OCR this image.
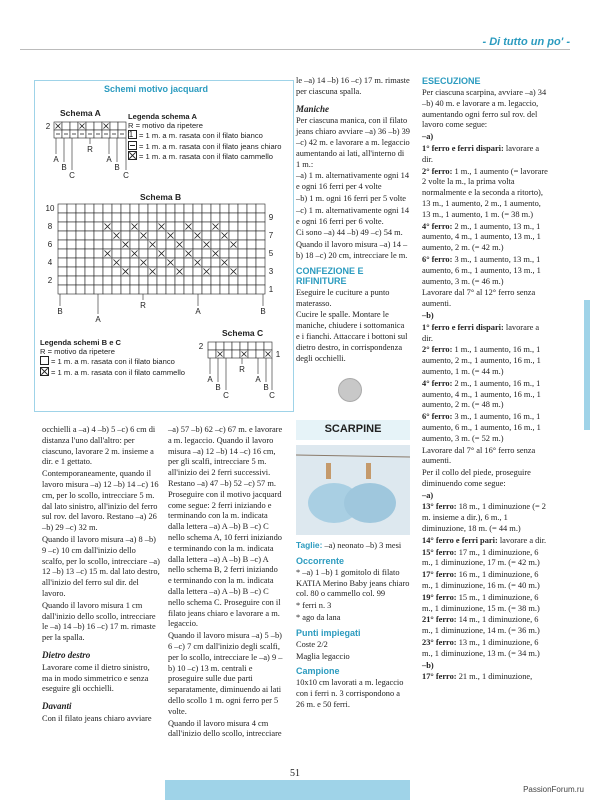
- Di tutto un po' -
Schemi motivo jacquard
Schema A
2
1
A
B
C
R
A
B
C
Legenda schema A
R = motivo da ripetere
= 1 m. a m. rasata con il filato bianco
= 1 m. a m. rasata con il filato jeans chiaro
= 1 m. a m. rasata con il filato cammello
Schema B
10
8
6
4
2
9
7
5
3
1
B
A
R
A	B
Legenda schemi B e C
R = motivo da ripetere
= 1 m. a m. rasata con il filato bianco
= 1 m. a m. rasata con il filato cammello
Schema C
2
1
A
B
C
R
A
B
C

occhielli a –a) 4 –b) 5 –c) 6 cm di distanza l'uno dall'altro: per ciascuno, lavorare 2 m. insieme a dir. e 1 gettato.

Contemporaneamente, quando il lavoro misura –a) 12 –b) 14 –c) 16 cm, per lo scollo, intrecciare 5 m. dal lato sinistro, all'inizio del ferro sul rov. del lavoro. Restano –a) 26 –b) 29 –c) 32 m.

Quando il lavoro misura –a) 8 –b) 9 –c) 10 cm dall'inizio dello scalfo, per lo scollo, intrecciare –a) 12 –b) 13 –c) 15 m. dal lato destro, all'inizio del ferro sul dir. del lavoro.

Quando il lavoro misura 1 cm dall'inizio dello scollo, intrecciare le –a) 14 –b) 16 –c) 17 m. rimaste per la spalla.

Dietro destro

Lavorare come il dietro sinistro, ma in modo simmetrico e senza eseguire gli occhielli.

Davanti

Con il filato jeans chiaro avviare

–a) 57 –b) 62 –c) 67 m. e lavorare a m. legaccio. Quando il lavoro misura –a) 12 –b) 14 –c) 16 cm, per gli scalfi, intrecciare 5 m. all'inizio dei 2 ferri successivi. Restano –a) 47 –b) 52 –c) 57 m. Proseguire con il motivo jacquard come segue: 2 ferri iniziando e terminando con la m. indicata dalla lettera –a) A –b) B –c) C nello schema A, 10 ferri iniziando e terminando con la m. indicata dalla lettera –a) A –b) B –c) A nello schema B, 2 ferri iniziando e terminando con la m. indicata dalla lettera –a) A –b) B –c) C nello schema C. Proseguire con il filato jeans chiaro e lavorare a m. legaccio.

Quando il lavoro misura –a) 5 –b) 6 –c) 7 cm dall'inizio degli scalfi, per lo scollo, intrecciare le –a) 9 –b) 10 –c) 13 m. centrali e proseguire sulle due parti separatamente, diminuendo ai lati dello scollo 1 m. ogni ferro per 5 volte.

Quando il lavoro misura 4 cm dall'inizio dello scollo, intrecciare

le –a) 14 –b) 16 –c) 17 m. rimaste per ciascuna spalla.

Maniche

Per ciascuna manica, con il filato jeans chiaro avviare –a) 36 –b) 39 –c) 42 m. e lavorare a m. legaccio aumentando ai lati, all'interno di 1 m.:

–a) 1 m. alternativamente ogni 14 e ogni 16 ferri per 4 volte

–b) 1 m. ogni 16 ferri per 5 volte

–c) 1 m. alternativamente ogni 14 e ogni 16 ferri per 6 volte.

Ci sono –a) 44 –b) 49 –c) 54 m.

Quando il lavoro misura –a) 14 –b) 18 –c) 20 cm, intrecciare le m.

CONFEZIONE E RIFINITURE

Eseguire le cuciture a punto materasso.

Cucire le spalle. Montare le maniche, chiudere i sottomanica e i fianchi. Attaccare i bottoni sul dietro destro, in corrispondenza degli occhielli.

SCARPINE

Taglie: –a) neonato –b) 3 mesi

Occorrente

* –a) 1 –b) 1 gomitolo di filato KATIA Merino Baby jeans chiaro col. 80 o cammello col. 99

* ferri n. 3

* ago da lana

Punti impiegati

Coste 2/2

Maglia legaccio

Campione

10x10 cm lavorati a m. legaccio con i ferri n. 3 corrispondono a 26 m. e 50 ferri.

ESECUZIONE

Per ciascuna scarpina, avviare –a) 34 –b) 40 m. e lavorare a m. legaccio, aumentando ogni ferro sul rov. del lavoro come segue:

–a)

1° ferro e ferri dispari: lavorare a dir.

2° ferro: 1 m., 1 aumento (= lavorare 2 volte la m., la prima volta normalmente e la seconda a ritorto), 13 m., 1 aumento, 2 m., 1 aumento, 13 m., 1 aumento, 1 m. (= 38 m.)

4° ferro: 2 m., 1 aumento, 13 m., 1 aumento, 4 m., 1 aumento, 13 m., 1 aumento, 2 m. (= 42 m.)

6° ferro: 3 m., 1 aumento, 13 m., 1 aumento, 6 m., 1 aumento, 13 m., 1 aumento, 3 m. (= 46 m.)

Lavorare dal 7° al 12° ferro senza aumenti.

–b)

1° ferro e ferri dispari: lavorare a dir.

2° ferro: 1 m., 1 aumento, 16 m., 1 aumento, 2 m., 1 aumento, 16 m., 1 aumento, 1 m. (= 44 m.)

4° ferro: 2 m., 1 aumento, 16 m., 1 aumento, 4 m., 1 aumento, 16 m., 1 aumento, 2 m. (= 48 m.)

6° ferro: 3 m., 1 aumento, 16 m., 1 aumento, 6 m., 1 aumento, 16 m., 1 aumento, 3 m. (= 52 m.)

Lavorare dal 7° al 16° ferro senza aumenti.

Per il collo del piede, proseguire diminuendo come segue:

–a)

13° ferro: 18 m., 1 diminuzione (= 2 m. insieme a dir.), 6 m., 1 diminuzione, 18 m. (= 44 m.)

14° ferro e ferri pari: lavorare a dir.

15° ferro: 17 m., 1 diminuzione, 6 m., 1 diminuzione, 17 m. (= 42 m.)

17° ferro: 16 m., 1 diminuzione, 6 m., 1 diminuzione, 16 m. (= 40 m.)

19° ferro: 15 m., 1 diminuzione, 6 m., 1 diminuzione, 15 m. (= 38 m.)

21° ferro: 14 m., 1 diminuzione, 6 m., 1 diminuzione, 14 m. (= 36 m.)

23° ferro: 13 m., 1 diminuzione, 6 m., 1 diminuzione, 13 m. (= 34 m.)

–b)

17° ferro: 21 m., 1 diminuzione,

51
PassionForum.ru
